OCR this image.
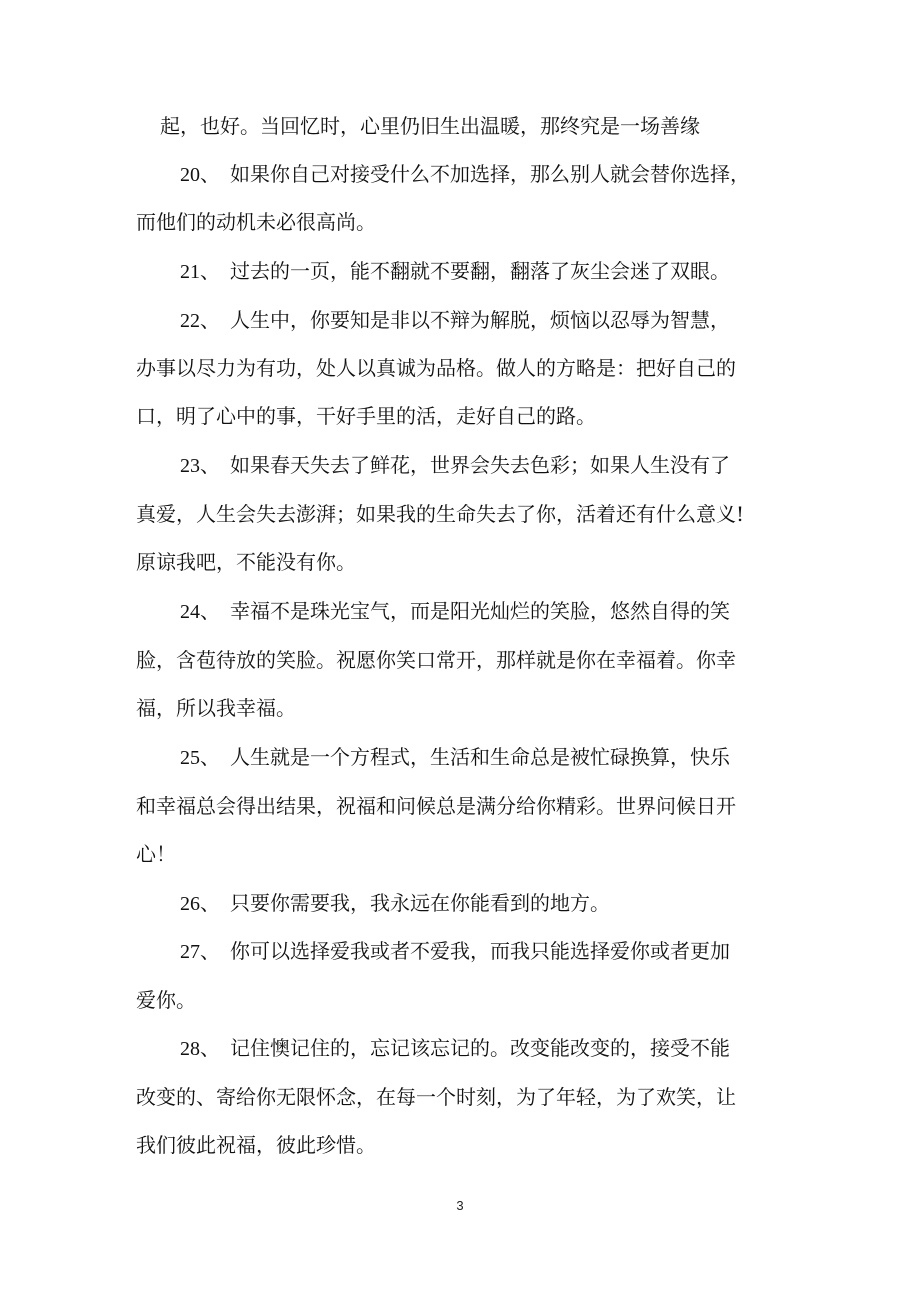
起，也好。当回忆时，心里仍旧生出温暖，那终究是一场善缘
20、 如果你自己对接受什么不加选择，那么别人就会替你选择，
而他们的动机未必很高尚。
21、 过去的一页，能不翻就不要翻，翻落了灰尘会迷了双眼。
22、 人生中，你要知是非以不辩为解脱，烦恼以忍辱为智慧，
办事以尽力为有功，处人以真诚为品格。做人的方略是：把好自己的
口，明了心中的事，干好手里的活，走好自己的路。
23、 如果春天失去了鲜花，世界会失去色彩；如果人生没有了
真爱，人生会失去澎湃；如果我的生命失去了你，活着还有什么意义!
原谅我吧，不能没有你。
24、 幸福不是珠光宝气，而是阳光灿烂的笑脸，悠然自得的笑
脸，含苞待放的笑脸。祝愿你笑口常开，那样就是你在幸福着。你幸
福，所以我幸福。
25、 人生就是一个方程式，生活和生命总是被忙碌换算，快乐
和幸福总会得出结果，祝福和问候总是满分给你精彩。世界问候日开
心！
26、 只要你需要我，我永远在你能看到的地方。
27、 你可以选择爱我或者不爱我，而我只能选择爱你或者更加
爱你。
28、 记住懊记住的，忘记该忘记的。改变能改变的，接受不能
改变的、寄给你无限怀念，在每一个时刻，为了年轻，为了欢笑，让
我们彼此祝福，彼此珍惜。
3
